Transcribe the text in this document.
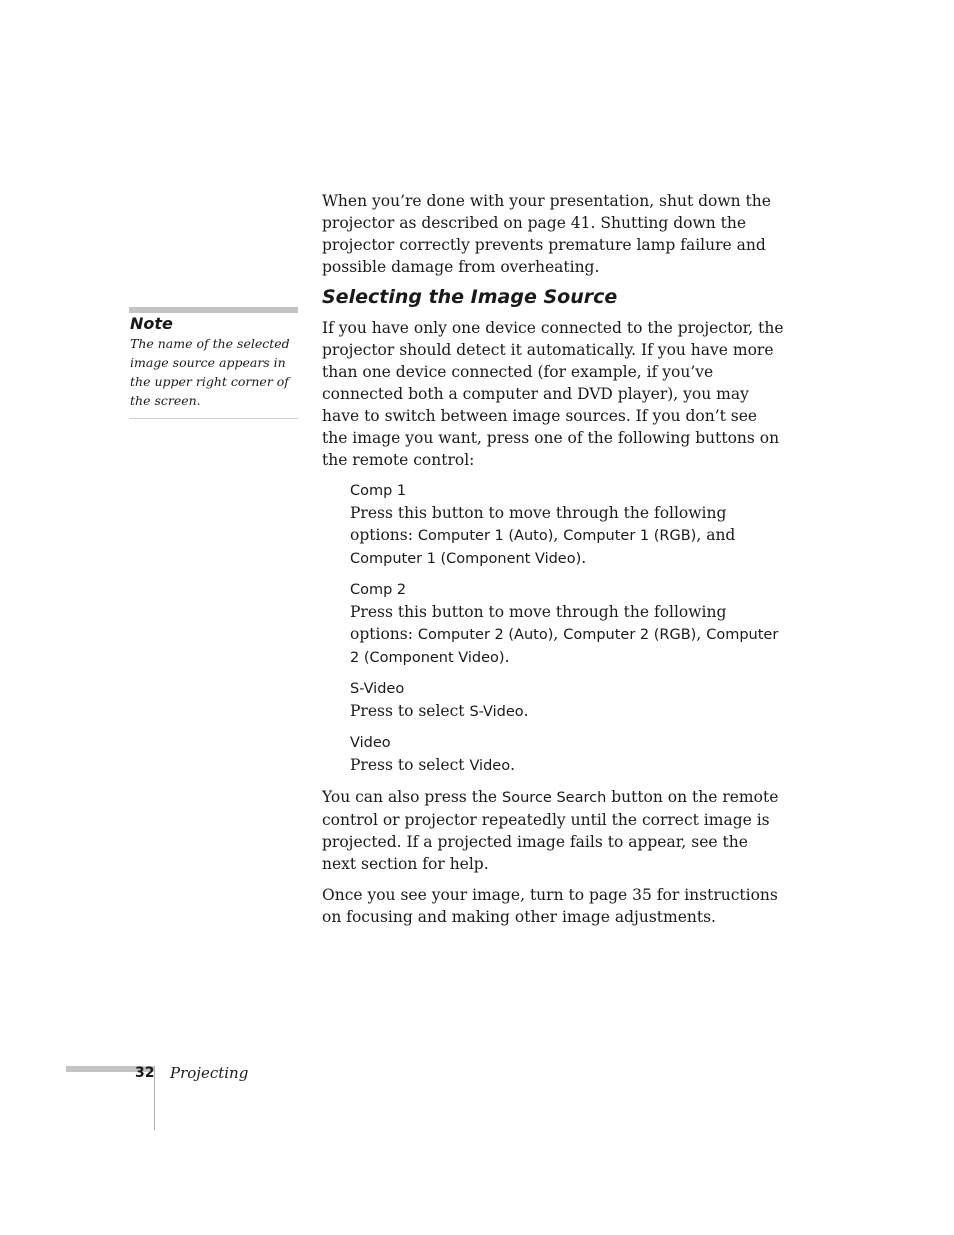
When you’re done with your presentation, shut down the projector as described on page 41. Shutting down the projector correctly prevents premature lamp failure and possible damage from overheating.

Selecting the Image Source

If you have only one device connected to the projector, the projector should detect it automatically. If you have more than one device connected (for example, if you’ve connected both a computer and DVD player), you may have to switch between image sources. If you don’t see the image you want, press one of the following buttons on the remote control:

Comp 1
Press this button to move through the following options: Computer 1 (Auto), Computer 1 (RGB), and Computer 1 (Component Video).
Comp 2
Press this button to move through the following options: Computer 2 (Auto), Computer 2 (RGB), Computer 2 (Component Video).
S-Video
Press to select S-Video.
Video
Press to select Video.

You can also press the Source Search button on the remote control or projector repeatedly until the correct image is projected. If a projected image fails to appear, see the next section for help.

Once you see your image, turn to page 35 for instructions on focusing and making other image adjustments.

Note

The name of the selected image source appears in the upper right corner of the screen.

32 Projecting
